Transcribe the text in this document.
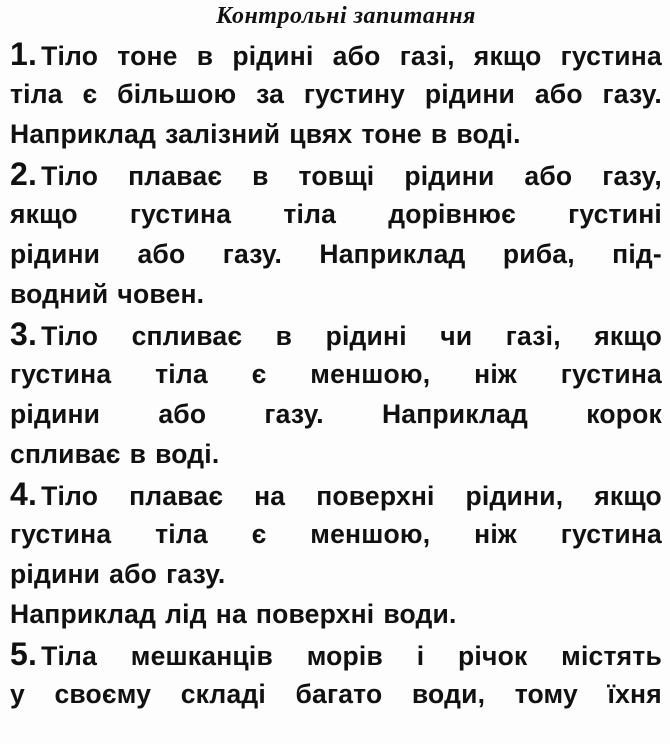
Контрольні запитання
1. Тіло тоне в рідині або газі, якщо густина
тіла є більшою за густину рідини або газу.
Наприклад залізний цвях тоне в воді.
2. Тіло плаває в товщі рідини або газу,
якщо густина тіла дорівнює густині
рідини або газу. Наприклад риба, під-
водний човен.
3. Тіло спливає в рідині чи газі, якщо
густина тіла є меншою, ніж густина
рідини або газу. Наприклад корок
спливає в воді.
4. Тіло плаває на поверхні рідини, якщо
густина тіла є меншою, ніж густина
рідини або газу.
Наприклад лід на поверхні води.
5. Тіла мешканців морів і річок містять
у своєму складі багато води, тому їхня
